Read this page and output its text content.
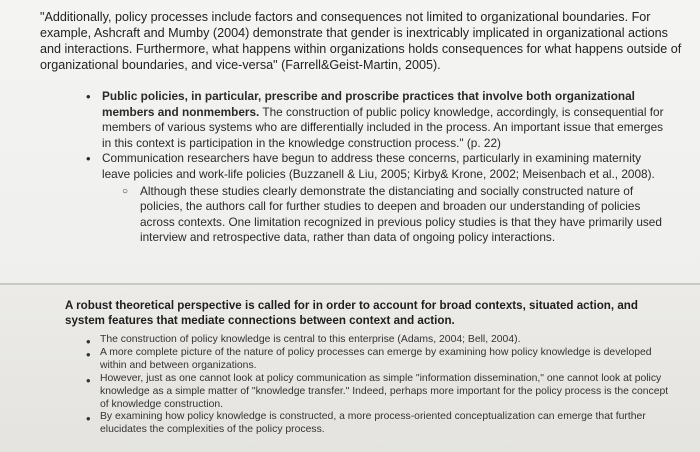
"Additionally, policy processes include factors and consequences not limited to organizational boundaries. For example, Ashcraft and Mumby (2004) demonstrate that gender is inextricably implicated in organizational actions and interactions. Furthermore, what happens within organizations holds consequences for what happens outside of organizational boundaries, and vice-versa" (Farrell&Geist-Martin, 2005).

• Public policies, in particular, prescribe and proscribe practices that involve both organizational members and nonmembers. The construction of public policy knowledge, accordingly, is consequential for members of various systems who are differentially included in the process. An important issue that emerges in this context is participation in the knowledge construction process." (p. 22)
• Communication researchers have begun to address these concerns, particularly in examining maternity leave policies and work-life policies (Buzzanell & Liu, 2005; Kirby& Krone, 2002; Meisenbach et al., 2008).
○ Although these studies clearly demonstrate the distanciating and socially constructed nature of policies, the authors call for further studies to deepen and broaden our understanding of policies across contexts. One limitation recognized in previous policy studies is that they have primarily used interview and retrospective data, rather than data of ongoing policy interactions.

A robust theoretical perspective is called for in order to account for broad contexts, situated action, and system features that mediate connections between context and action.

• The construction of policy knowledge is central to this enterprise (Adams, 2004; Bell, 2004).
• A more complete picture of the nature of policy processes can emerge by examining how policy knowledge is developed within and between organizations.
• However, just as one cannot look at policy communication as simple "information dissemination," one cannot look at policy knowledge as a simple matter of "knowledge transfer." Indeed, perhaps more important for the policy process is the concept of knowledge construction.
• By examining how policy knowledge is constructed, a more process-oriented conceptualization can emerge that further elucidates the complexities of the policy process.
